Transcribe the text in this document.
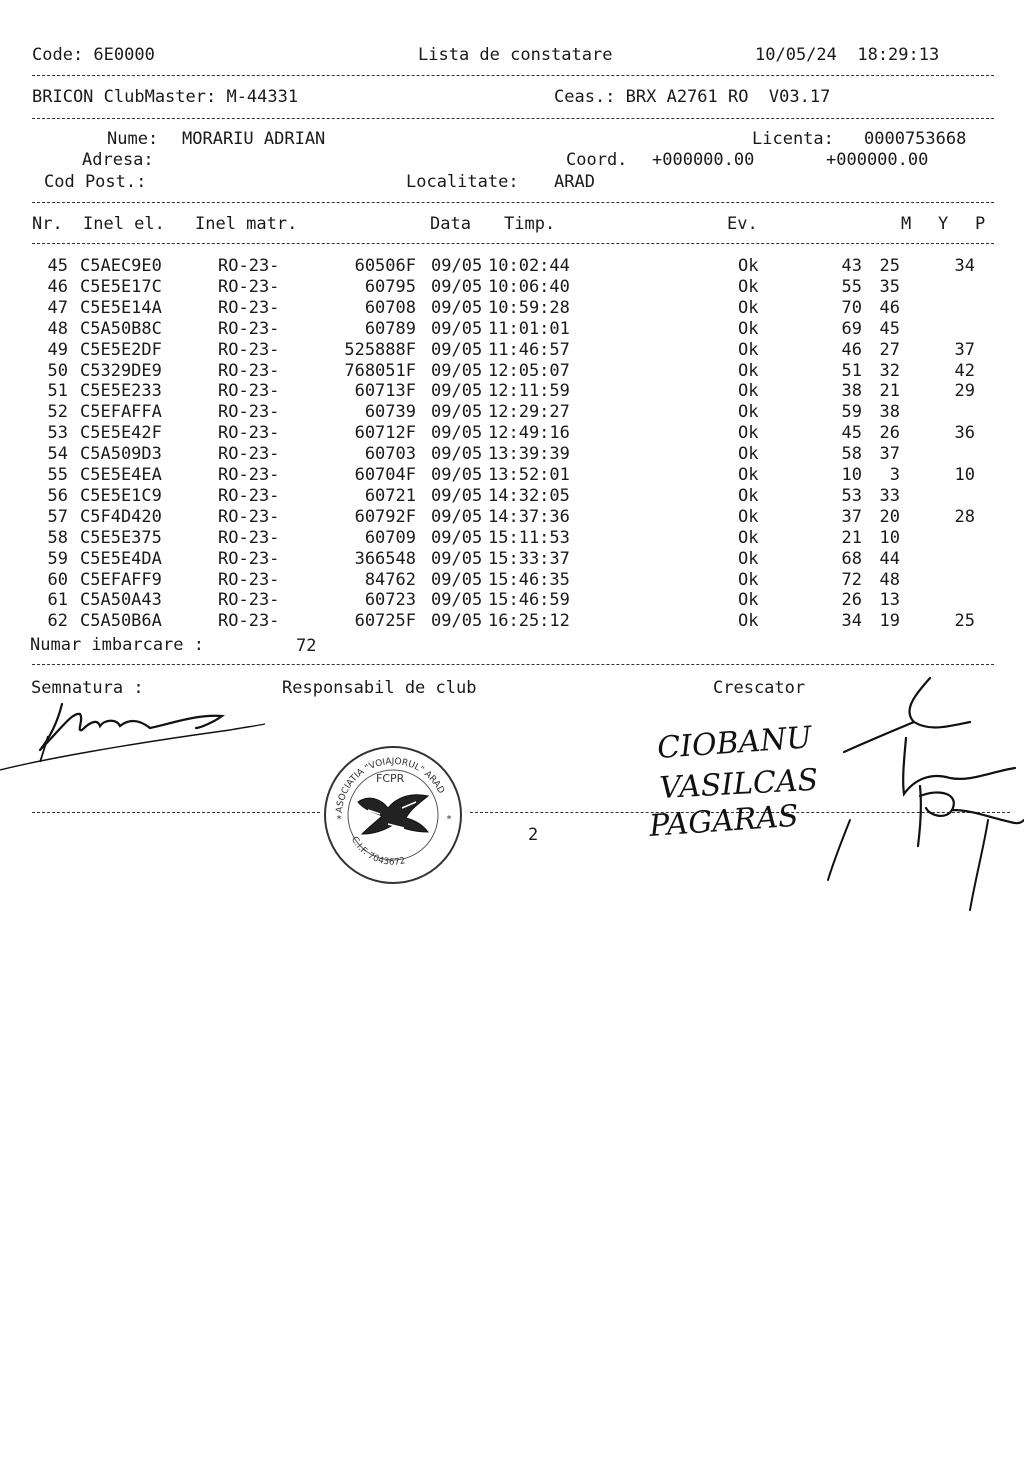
Code: 6E0000	Lista de constatare	10/05/24  18:29:13
BRICON ClubMaster: M-44331	Ceas.: BRX A2761 RO  V03.17
Nume: MORARIU ADRIAN	Licenta: 0000753668
Adresa:	Coord. +000000.00	+000000.00
Cod Post.:	Localitate: ARAD
Nr. Inel el. Inel matr.	Data Timp.	Ev.	M Y P
45 C5AEC9E0	RO-23-	60506F 09/05 10:02:44	Ok	43	25	34
46 C5E5E17C	RO-23-	60795 09/05 10:06:40	Ok	55	35
47 C5E5E14A	RO-23-	60708 09/05 10:59:28	Ok	70	46
48 C5A50B8C	RO-23-	60789 09/05 11:01:01	Ok	69	45
49 C5E5E2DF	RO-23-	525888F 09/05 11:46:57	Ok	46	27	37
50 C5329DE9	RO-23-	768051F 09/05 12:05:07	Ok	51	32	42
51 C5E5E233	RO-23-	60713F 09/05 12:11:59	Ok	38	21	29
52 C5EFAFFA	RO-23-	60739 09/05 12:29:27	Ok	59	38
53 C5E5E42F	RO-23-	60712F 09/05 12:49:16	Ok	45	26	36
54 C5A509D3	RO-23-	60703 09/05 13:39:39	Ok	58	37
55 C5E5E4EA	RO-23-	60704F 09/05 13:52:01	Ok	10	3	10
56 C5E5E1C9	RO-23-	60721 09/05 14:32:05	Ok	53	33
57 C5F4D420	RO-23-	60792F 09/05 14:37:36	Ok	37	20	28
58 C5E5E375	RO-23-	60709 09/05 15:11:53	Ok	21	10
59 C5E5E4DA	RO-23-	366548 09/05 15:33:37	Ok	68	44
60 C5EFAFF9	RO-23-	84762 09/05 15:46:35	Ok	72	48
61 C5A50A43	RO-23-	60723 09/05 15:46:59	Ok	26	13
62 C5A50B6A	RO-23-	60725F 09/05 16:25:12	Ok	34	19	25
Numar imbarcare :	72
Semnatura :	Responsabil de club	Crescator
2
ASOCIATIA "VOIAJORUL" ARAD
FCPR
*	*
C.I.F. 7043672
CIOBANU
VASILCAS
PAGARAS
